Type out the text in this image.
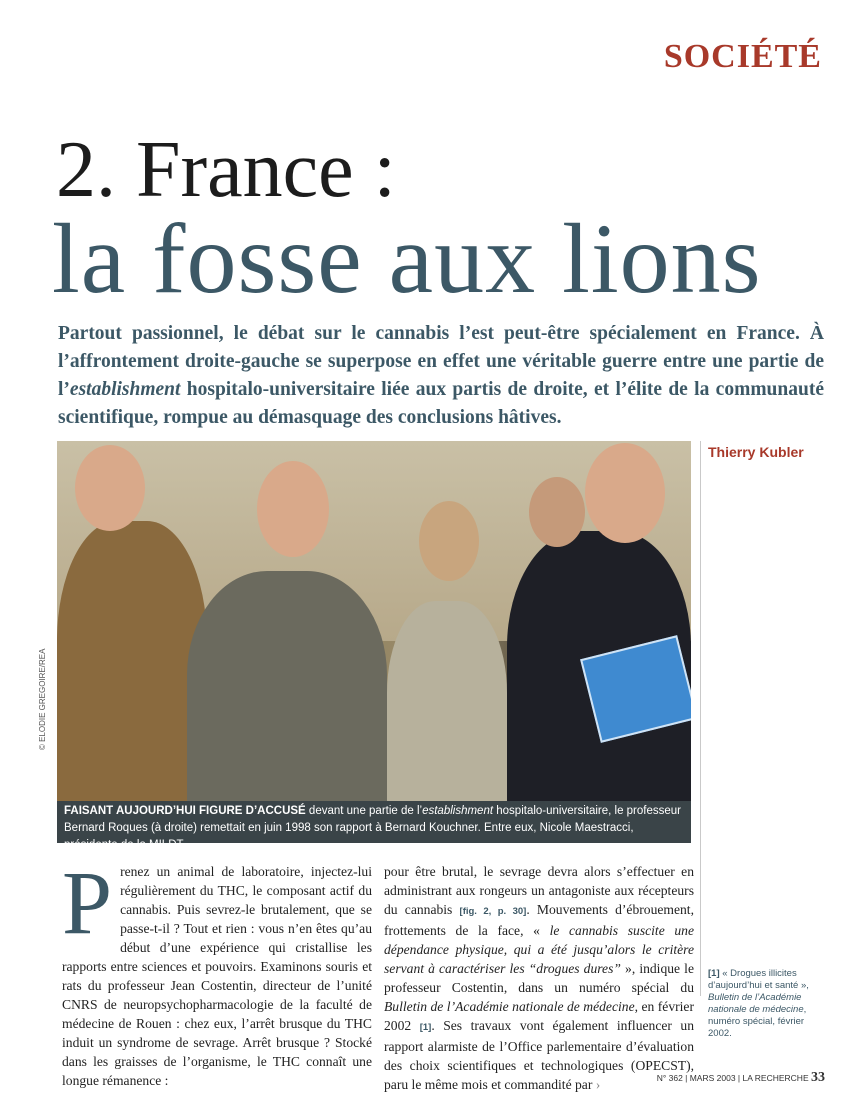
SOCIÉTÉ
2. France :
la fosse aux lions
Partout passionnel, le débat sur le cannabis l’est peut-être spécialement en France. À l’affrontement droite-gauche se superpose en effet une véritable guerre entre une partie de l’establishment hospitalo-universitaire liée aux partis de droite, et l’élite de la communauté scientifique, rompue au démasquage des conclusions hâtives.
© ELODIE GREGOIRE/REA
FAISANT AUJOURD’HUI FIGURE D’ACCUSÉ devant une partie de l’establishment hospitalo-universitaire, le professeur Bernard Roques (à droite) remettait en juin 1998 son rapport à Bernard Kouchner. Entre eux, Nicole Maestracci, présidente de la MILDT.
Thierry Kubler
P renez un animal de laboratoire, injectez-lui régulièrement du THC, le composant actif du cannabis. Puis sevrez-le brutalement, que se passe-t-il ? Tout et rien : vous n’en êtes qu’au début d’une expérience qui cristallise les rapports entre sciences et pouvoirs. Examinons souris et rats du professeur Jean Costentin, directeur de l’unité CNRS de neuropsychopharmacologie de la faculté de médecine de Rouen : chez eux, l’arrêt brusque du THC induit un syndrome de sevrage. Arrêt brusque ? Stocké dans les graisses de l’organisme, le THC connaît une longue rémanence :

pour être brutal, le sevrage devra alors s’effectuer en administrant aux rongeurs un antagoniste aux récepteurs du cannabis [fig. 2, p. 30]. Mouvements d’ébrouement, frottements de la face, « le cannabis suscite une dépendance physique, qui a été jusqu’alors le critère servant à caractériser les “drogues dures” », indique le professeur Costentin, dans un numéro spécial du Bulletin de l’Académie nationale de médecine, en février 2002 [1]. Ses travaux vont également influencer un rapport alarmiste de l’Office parlementaire d’évaluation des choix scientifiques et technologiques (OPECST), paru le même mois et commandité par ›

[1] « Drogues illicites d’aujourd’hui et santé », Bulletin de l’Académie nationale de médecine, numéro spécial, février 2002.
N° 362 | MARS 2003 | LA RECHERCHE 33
